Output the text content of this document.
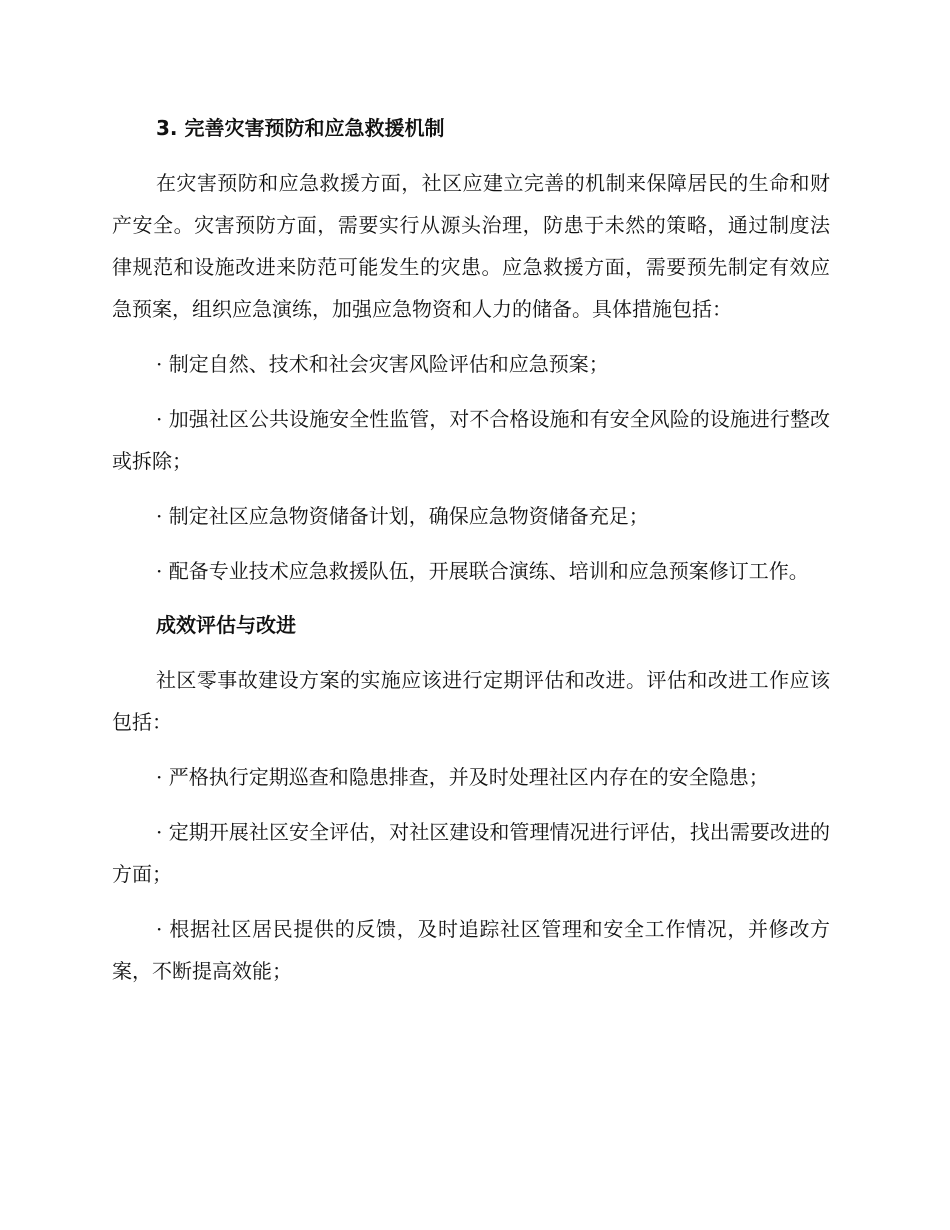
3. 完善灾害预防和应急救援机制

在灾害预防和应急救援方面，社区应建立完善的机制来保障居民的生命和财产安全。灾害预防方面，需要实行从源头治理，防患于未然的策略，通过制度法律规范和设施改进来防范可能发生的灾患。应急救援方面，需要预先制定有效应急预案，组织应急演练，加强应急物资和人力的储备。具体措施包括：

· 制定自然、技术和社会灾害风险评估和应急预案；

· 加强社区公共设施安全性监管，对不合格设施和有安全风险的设施进行整改或拆除；

· 制定社区应急物资储备计划，确保应急物资储备充足；

· 配备专业技术应急救援队伍，开展联合演练、培训和应急预案修订工作。

成效评估与改进

社区零事故建设方案的实施应该进行定期评估和改进。评估和改进工作应该包括：

· 严格执行定期巡查和隐患排查，并及时处理社区内存在的安全隐患；

· 定期开展社区安全评估，对社区建设和管理情况进行评估，找出需要改进的方面；

· 根据社区居民提供的反馈，及时追踪社区管理和安全工作情况，并修改方案，不断提高效能；
